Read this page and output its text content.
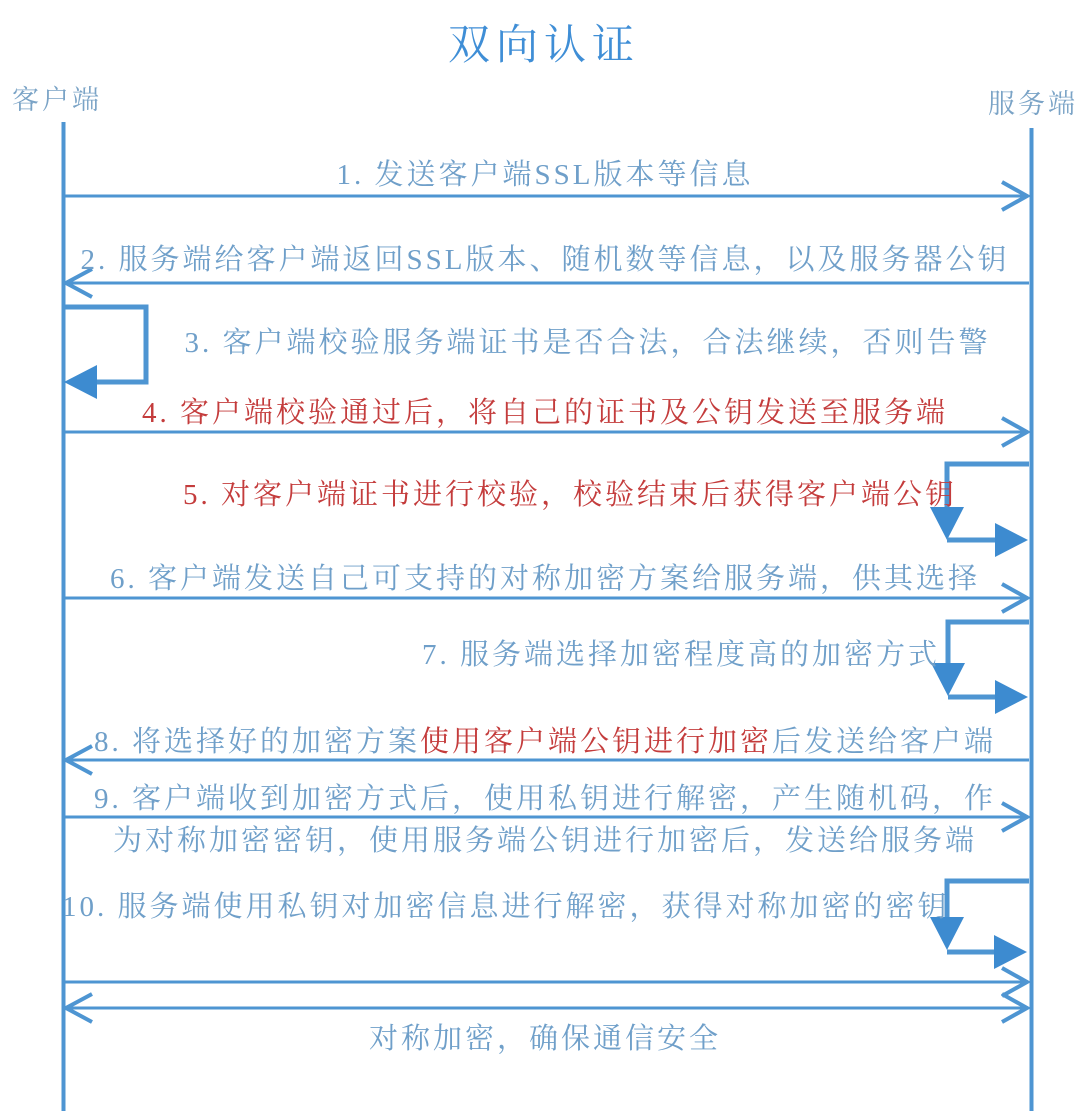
双向认证
客户端	服务端
1. 发送客户端SSL版本等信息
2. 服务端给客户端返回SSL版本、随机数等信息，以及服务器公钥
3. 客户端校验服务端证书是否合法，合法继续，否则告警
4. 客户端校验通过后，将自己的证书及公钥发送至服务端
5. 对客户端证书进行校验，校验结束后获得客户端公钥
6. 客户端发送自己可支持的对称加密方案给服务端，供其选择
7. 服务端选择加密程度高的加密方式
8. 将选择好的加密方案使用客户端公钥进行加密后发送给客户端
9. 客户端收到加密方式后，使用私钥进行解密，产生随机码，作
为对称加密密钥，使用服务端公钥进行加密后，发送给服务端
10. 服务端使用私钥对加密信息进行解密，获得对称加密的密钥
对称加密，确保通信安全
